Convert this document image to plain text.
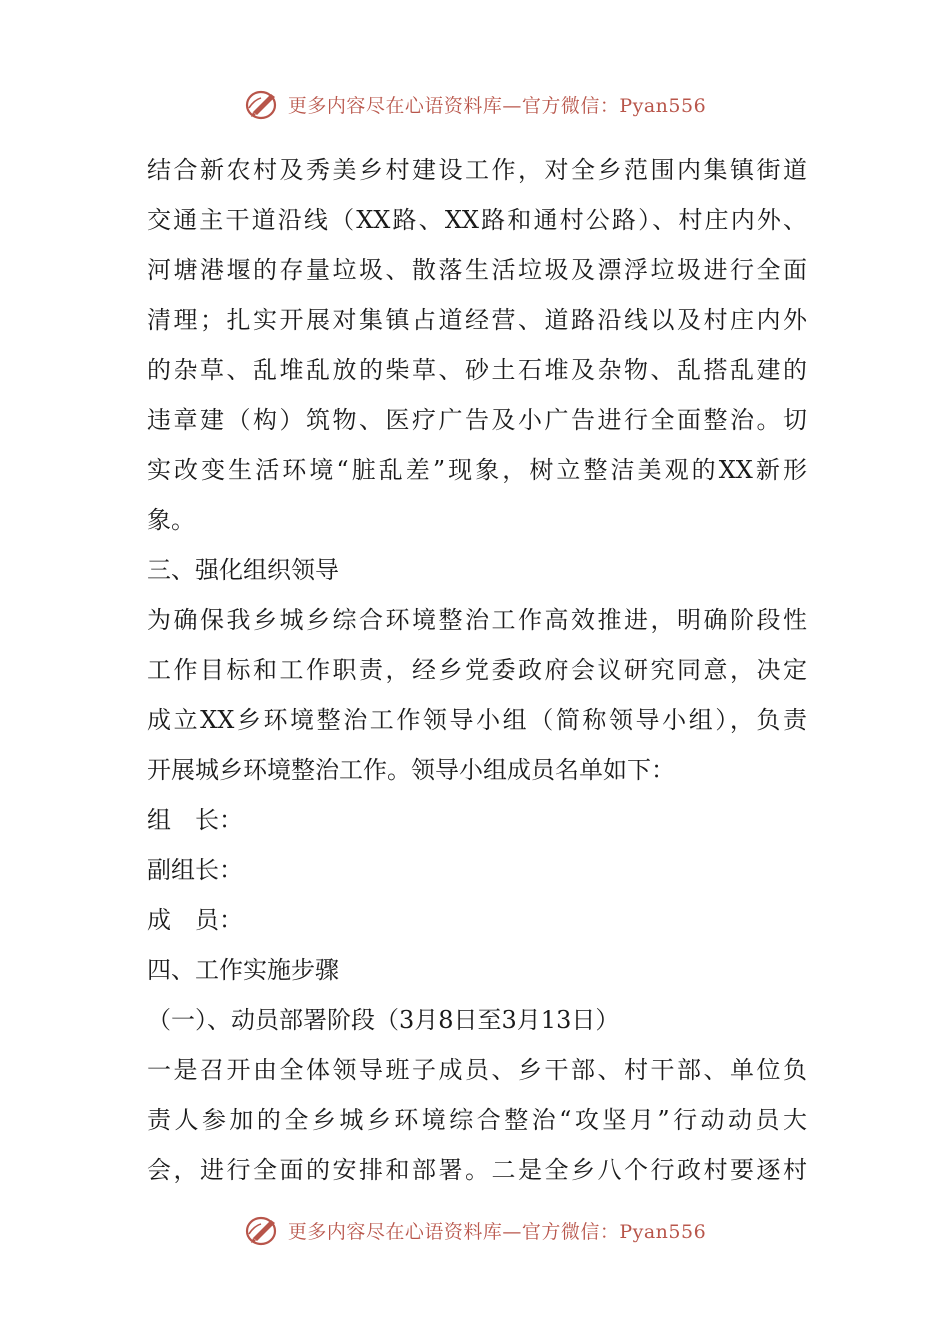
更多内容尽在心语资料库—官方微信：Pyan556
结合新农村及秀美乡村建设工作，对全乡范围内集镇街道
交通主干道沿线（XX路、XX路和通村公路）、村庄内外、
河塘港堰的存量垃圾、散落生活垃圾及漂浮垃圾进行全面
清理；扎实开展对集镇占道经营、道路沿线以及村庄内外
的杂草、乱堆乱放的柴草、砂土石堆及杂物、乱搭乱建的
违章建（构）筑物、医疗广告及小广告进行全面整治。切
实改变生活环境“脏乱差”现象，树立整洁美观的XX新形
象。
三、强化组织领导
为确保我乡城乡综合环境整治工作高效推进，明确阶段性
工作目标和工作职责，经乡党委政府会议研究同意，决定
成立XX乡环境整治工作领导小组（简称领导小组），负责
开展城乡环境整治工作。领导小组成员名单如下：
组　长：
副组长：
成　员：
四、工作实施步骤
（一）、动员部署阶段（3月8日至3月13日）
一是召开由全体领导班子成员、乡干部、村干部、单位负
责人参加的全乡城乡环境综合整治“攻坚月”行动动员大
会，进行全面的安排和部署。二是全乡八个行政村要逐村
更多内容尽在心语资料库—官方微信：Pyan556
